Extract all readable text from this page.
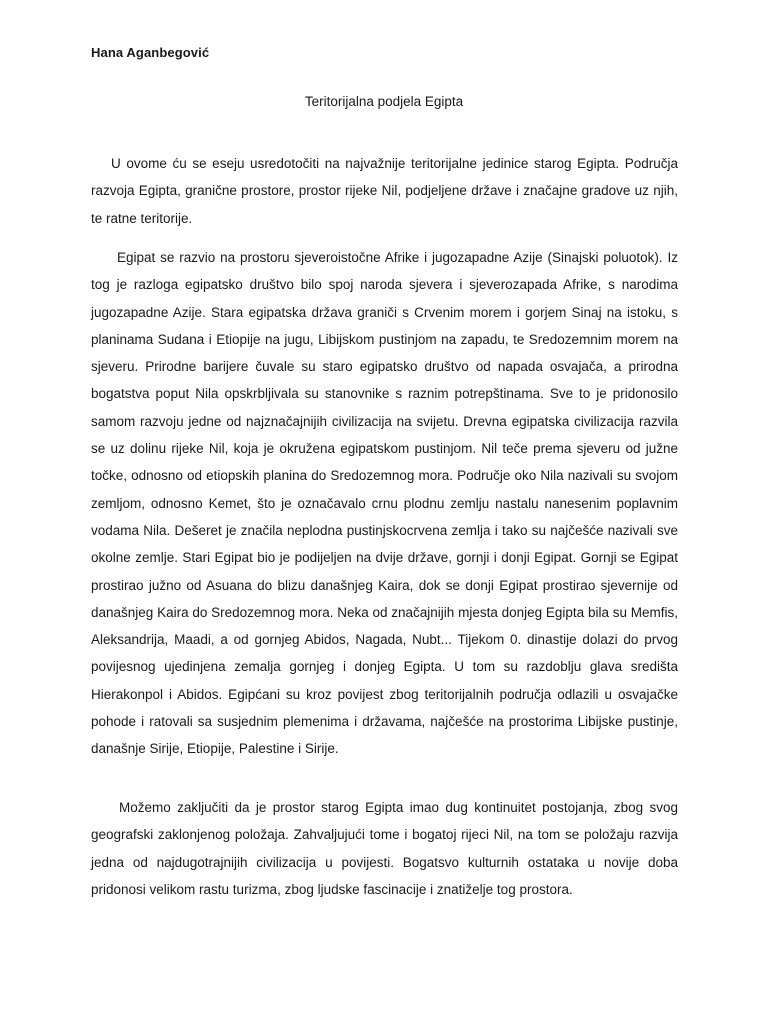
Hana Aganbegović
Teritorijalna podjela Egipta

U ovome ću se eseju usredotočiti na najvažnije teritorijalne jedinice starog Egipta. Područja razvoja Egipta, granične prostore, prostor rijeke Nil, podjeljene države i značajne gradove uz njih, te ratne teritorije.

Egipat se razvio na prostoru sjeveroistočne Afrike i jugozapadne Azije (Sinajski poluotok). Iz tog je razloga egipatsko društvo bilo spoj naroda sjevera i sjeverozapada Afrike, s narodima jugozapadne Azije. Stara egipatska država graniči s Crvenim morem i gorjem Sinaj na istoku, s planinama Sudana i Etiopije na jugu, Libijskom pustinjom na zapadu, te Sredozemnim morem na sjeveru. Prirodne barijere čuvale su staro egipatsko društvo od napada osvajača, a prirodna bogatstva poput Nila opskrbljivala su stanovnike s raznim potrepštinama. Sve to je pridonosilo samom razvoju jedne od najznačajnijih civilizacija na svijetu. Drevna egipatska civilizacija razvila se uz dolinu rijeke Nil, koja je okružena egipatskom pustinjom. Nil teče prema sjeveru od južne točke, odnosno od etiopskih planina do Sredozemnog mora. Područje oko Nila nazivali su svojom zemljom, odnosno Kemet, što je označavalo crnu plodnu zemlju nastalu nanesenim poplavnim vodama Nila. Dešeret je značila neplodna pustinjskocrvena zemlja i tako su najčešće nazivali sve okolne zemlje. Stari Egipat bio je podijeljen na dvije države, gornji i donji Egipat. Gornji se Egipat prostirao južno od Asuana do blizu današnjeg Kaira, dok se donji Egipat prostirao sjevernije od današnjeg Kaira do Sredozemnog mora. Neka od značajnijih mjesta donjeg Egipta bila su Memfis, Aleksandrija, Maadi, a od gornjeg Abidos, Nagada, Nubt... Tijekom 0. dinastije dolazi do prvog povijesnog ujedinjena zemalja gornjeg i donjeg Egipta. U tom su razdoblju glava središta Hierakonpol i Abidos. Egipćani su kroz povijest zbog teritorijalnih područja odlazili u osvajačke pohode i ratovali sa susjednim plemenima i državama, najčešće na prostorima Libijske pustinje, današnje Sirije, Etiopije, Palestine i Sirije.

Možemo zaključiti da je prostor starog Egipta imao dug kontinuitet postojanja, zbog svog geografski zaklonjenog položaja. Zahvaljujući tome i bogatoj rijeci Nil, na tom se položaju razvija jedna od najdugotrajnijih civilizacija u povijesti. Bogatsvo kulturnih ostataka u novije doba pridonosi velikom rastu turizma, zbog ljudske fascinacije i znatiželje tog prostora.
